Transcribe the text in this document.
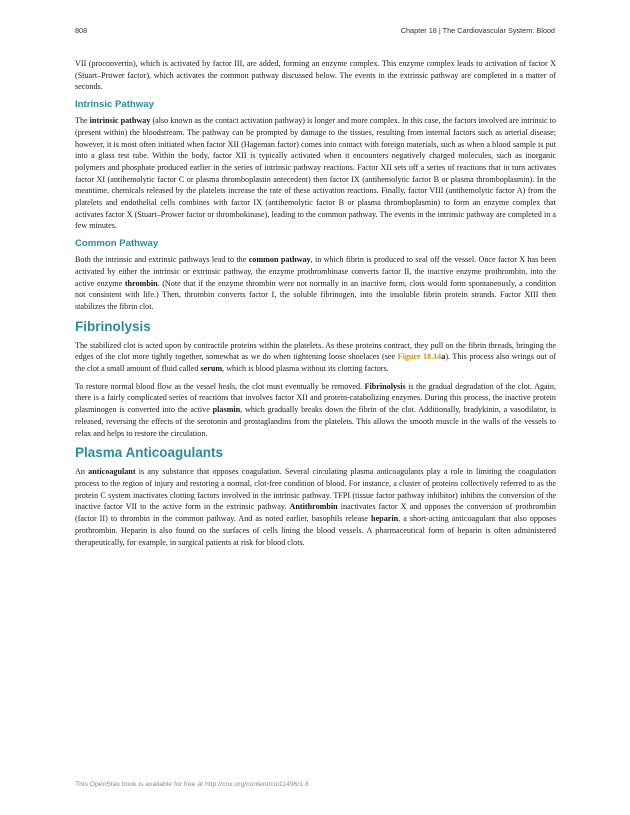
808	Chapter 18 | The Cardiovascular System: Blood

VII (proconvertin), which is activated by factor III, are added, forming an enzyme complex. This enzyme complex leads to activation of factor X (Stuart–Prower factor), which activates the common pathway discussed below. The events in the extrinsic pathway are completed in a matter of seconds.

Intrinsic Pathway

The intrinsic pathway (also known as the contact activation pathway) is longer and more complex. In this case, the factors involved are intrinsic to (present within) the bloodstream. The pathway can be prompted by damage to the tissues, resulting from internal factors such as arterial disease; however, it is most often initiated when factor XII (Hageman factor) comes into contact with foreign materials, such as when a blood sample is put into a glass test tube. Within the body, factor XII is typically activated when it encounters negatively charged molecules, such as inorganic polymers and phosphate produced earlier in the series of intrinsic pathway reactions. Factor XII sets off a series of reactions that in turn activates factor XI (antihemolytic factor C or plasma thromboplastin antecedent) then factor IX (antihemolytic factor B or plasma thromboplasmin). In the meantime, chemicals released by the platelets increase the rate of these activation reactions. Finally, factor VIII (antihemolytic factor A) from the platelets and endothelial cells combines with factor IX (antihemolytic factor B or plasma thromboplasmin) to form an enzyme complex that activates factor X (Stuart–Prower factor or thrombokinase), leading to the common pathway. The events in the intrinsic pathway are completed in a few minutes.

Common Pathway

Both the intrinsic and extrinsic pathways lead to the common pathway, in which fibrin is produced to seal off the vessel. Once factor X has been activated by either the intrinsic or extrinsic pathway, the enzyme prothrombinase converts factor II, the inactive enzyme prothrombin, into the active enzyme thrombin. (Note that if the enzyme thrombin were not normally in an inactive form, clots would form spontaneously, a condition not consistent with life.) Then, thrombin converts factor I, the soluble fibrinogen, into the insoluble fibrin protein strands. Factor XIII then stabilizes the fibrin clot.

Fibrinolysis

The stabilized clot is acted upon by contractile proteins within the platelets. As these proteins contract, they pull on the fibrin threads, bringing the edges of the clot more tightly together, somewhat as we do when tightening loose shoelaces (see Figure 18.14a). This process also wrings out of the clot a small amount of fluid called serum, which is blood plasma without its clotting factors.

To restore normal blood flow as the vessel heals, the clot must eventually be removed. Fibrinolysis is the gradual degradation of the clot. Again, there is a fairly complicated series of reactions that involves factor XII and protein-catabolizing enzymes. During this process, the inactive protein plasminogen is converted into the active plasmin, which gradually breaks down the fibrin of the clot. Additionally, bradykinin, a vasodilator, is released, reversing the effects of the serotonin and prostaglandins from the platelets. This allows the smooth muscle in the walls of the vessels to relax and helps to restore the circulation.

Plasma Anticoagulants

An anticoagulant is any substance that opposes coagulation. Several circulating plasma anticoagulants play a role in limiting the coagulation process to the region of injury and restoring a normal, clot-free condition of blood. For instance, a cluster of proteins collectively referred to as the protein C system inactivates clotting factors involved in the intrinsic pathway. TFPI (tissue factor pathway inhibitor) inhibits the conversion of the inactive factor VII to the active form in the extrinsic pathway. Antithrombin inactivates factor X and opposes the conversion of prothrombin (factor II) to thrombin in the common pathway. And as noted earlier, basophils release heparin, a short-acting anticoagulant that also opposes prothrombin. Heparin is also found on the surfaces of cells lining the blood vessels. A pharmaceutical form of heparin is often administered therapeutically, for example, in surgical patients at risk for blood clots.

This OpenStax book is available for free at http://cnx.org/content/col11496/1.8
